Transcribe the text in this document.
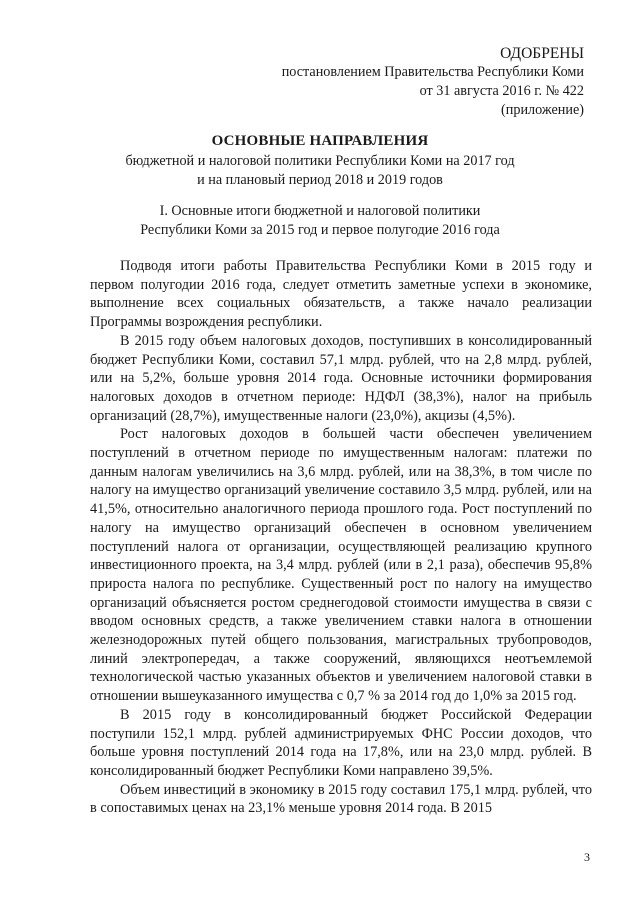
ОДОБРЕНЫ
постановлением Правительства Республики Коми
от 31 августа 2016 г. № 422
(приложение)
ОСНОВНЫЕ НАПРАВЛЕНИЯ
бюджетной и налоговой политики Республики Коми на 2017 год
и на плановый период 2018 и 2019 годов
I. Основные итоги бюджетной и налоговой политики
Республики Коми за 2015 год и первое полугодие 2016 года

Подводя итоги работы Правительства Республики Коми в 2015 году и первом полугодии 2016 года, следует отметить заметные успехи в экономике, выполнение всех социальных обязательств, а также начало реализации Программы возрождения республики.

В 2015 году объем налоговых доходов, поступивших в консолидированный бюджет Республики Коми, составил 57,1 млрд. рублей, что на 2,8 млрд. рублей, или на 5,2%, больше уровня 2014 года. Основные источники формирования налоговых доходов в отчетном периоде: НДФЛ (38,3%), налог на прибыль организаций (28,7%), имущественные налоги (23,0%), акцизы (4,5%).

Рост налоговых доходов в большей части обеспечен увеличением поступлений в отчетном периоде по имущественным налогам: платежи по данным налогам увеличились на 3,6 млрд. рублей, или на 38,3%, в том числе по налогу на имущество организаций увеличение составило 3,5 млрд. рублей, или на 41,5%, относительно аналогичного периода прошлого года. Рост поступлений по налогу на имущество организаций обеспечен в основном увеличением поступлений налога от организации, осуществляющей реализацию крупного инвестиционного проекта, на 3,4 млрд. рублей (или в 2,1 раза), обеспечив 95,8% прироста налога по республике. Существенный рост по налогу на имущество организаций объясняется ростом среднегодовой стоимости имущества в связи с вводом основных средств, а также увеличением ставки налога в отношении железнодорожных путей общего пользования, магистральных трубопроводов, линий электропередач, а также сооружений, являющихся неотъемлемой технологической частью указанных объектов и увеличением налоговой ставки в отношении вышеуказанного имущества с 0,7 % за 2014 год до 1,0% за 2015 год.

В 2015 году в консолидированный бюджет Российской Федерации поступили 152,1 млрд. рублей администрируемых ФНС России доходов, что больше уровня поступлений 2014 года на 17,8%, или на 23,0 млрд. рублей. В консолидированный бюджет Республики Коми направлено 39,5%.

Объем инвестиций в экономику в 2015 году составил 175,1 млрд. рублей, что в сопоставимых ценах на 23,1% меньше уровня 2014 года. В 2015

3
